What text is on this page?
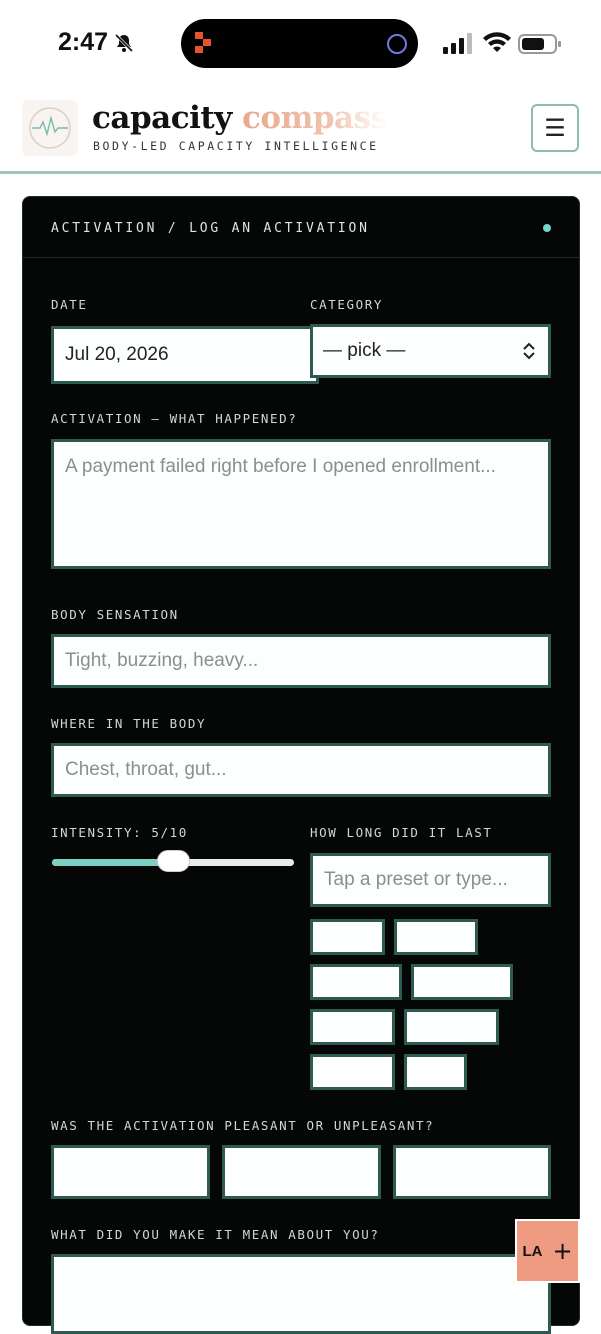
2:47
capacity compass
BODY-LED CAPACITY INTELLIGENCE
☰
ACTIVATION / LOG AN ACTIVATION
DATE
Jul 20, 2026
CATEGORY
— pick —
ACTIVATION — WHAT HAPPENED?
A payment failed right before I opened enrollment...
BODY SENSATION
Tight, buzzing, heavy...
WHERE IN THE BODY
Chest, throat, gut...
INTENSITY: 5/10	HOW LONG DID IT LAST
Tap a preset or type...
WAS THE ACTIVATION PLEASANT OR UNPLEASANT?
WHAT DID YOU MAKE IT MEAN ABOUT YOU?
LA +
